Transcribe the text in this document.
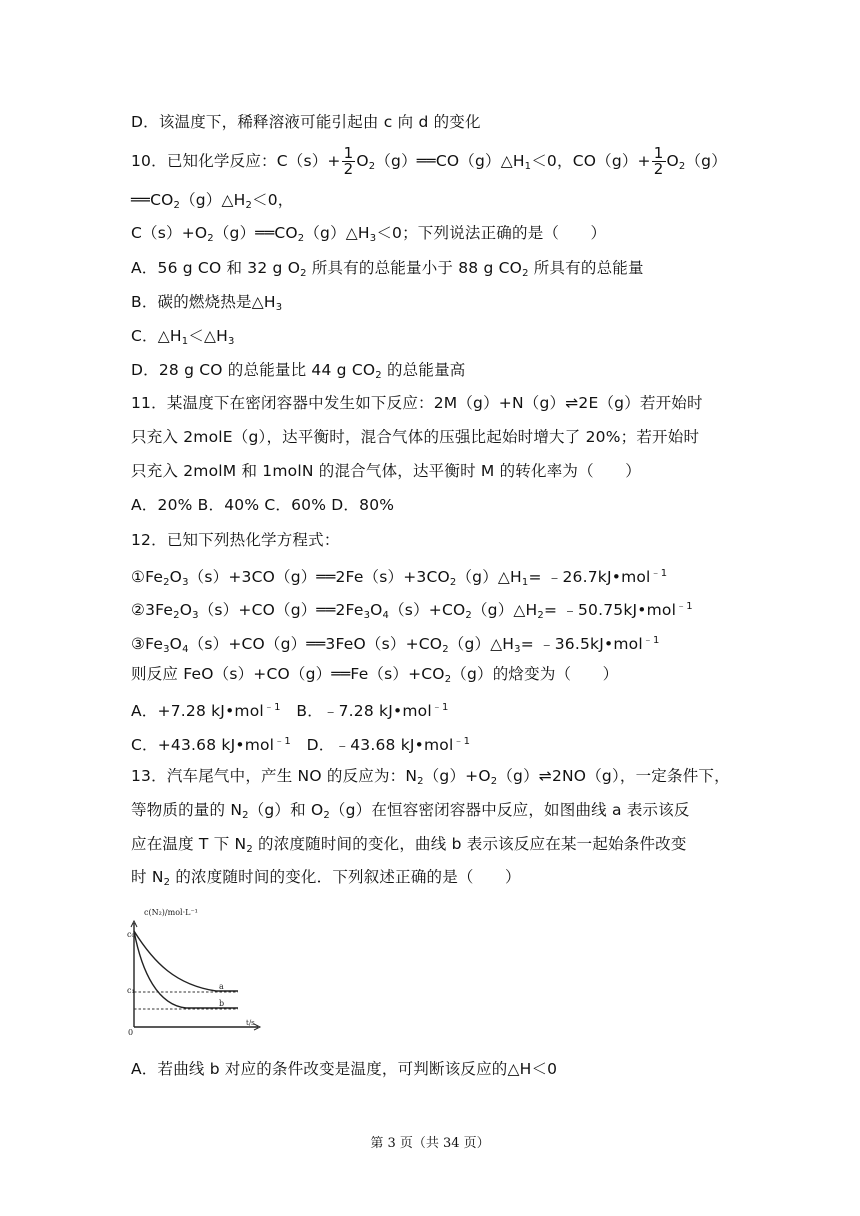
D．该温度下，稀释溶液可能引起由 c 向 d 的变化
10．已知化学反应：$C(s)+ \frac{1}{2}$ $O_2(g)══CO(g)\triangle H_1<0$，$CO(g)+ \frac{1}{2} O_2(g)$
$══CO_2(g)\triangle H_2<0$，
$C(s)+O_2(g)══CO_2(g)\triangle H_3<0$；下列说法正确的是（　　）
A．56 g CO 和 32 g $O_2$ 所具有的总能量小于 88 g $CO_2$ 所具有的总能量
B．碳的燃烧热是$\triangle H_3$
C．$\triangle H_1<\triangle H_3$
D．28 g CO 的总能量比 44 g $CO_2$ 的总能量高
11．某温度下在密闭容器中发生如下反应：2M（g）+N（g）⇌2E（g）若开始时
只充入 2molE（g），达平衡时，混合气体的压强比起始时增大了 20%；若开始时
只充入 2molM 和 1molN 的混合气体，达平衡时 M 的转化率为（　　）
A．20% B．40% C．60% D．80%
12．已知下列热化学方程式：
$①Fe_2O_3(s)+3CO(g)══2Fe(s)+3CO_2(g)\triangle H_1=$ ﹣26.7kJ•mol$^{﹣1}$
$②3Fe_2O_3(s)+CO(g)══2Fe_3O_4(s)+CO_2(g)\triangle H_2=$ ﹣50.75kJ•mol$^{﹣1}$
$③Fe_3O_4(s)+CO(g)══3FeO(s)+CO_2(g)\triangle H_3=$ ﹣36.5kJ•mol$^{﹣1}$
则反应 $FeO(s)+CO(g)══Fe(s)+CO_2(g)$的焓变为（　　）
A．+7.28 kJ•mol$^{﹣1}$　B．﹣7.28 kJ•mol$^{﹣1}$
C．+43.68 kJ•mol$^{﹣1}$　D．﹣43.68 kJ•mol$^{﹣1}$
13．汽车尾气中，产生 NO 的反应为：$N_2(g)+O_2(g)\rightleftharpoons 2NO(g)$，一定条件下，
等物质的量的 $N_2(g)$和 $O_2(g)$在恒容密闭容器中反应，如图曲线 a 表示该反
应在温度 T 下 $N_2$ 的浓度随时间的变化，曲线 b 表示该反应在某一起始条件改变
时 $N_2$ 的浓度随时间的变化．下列叙述正确的是（　　）
c(N₂)/mol·L⁻¹
c₀
c₁
0
t/s
a
b
A．若曲线 b 对应的条件改变是温度，可判断该反应的△H＜0
第 3 页（共 34 页）
